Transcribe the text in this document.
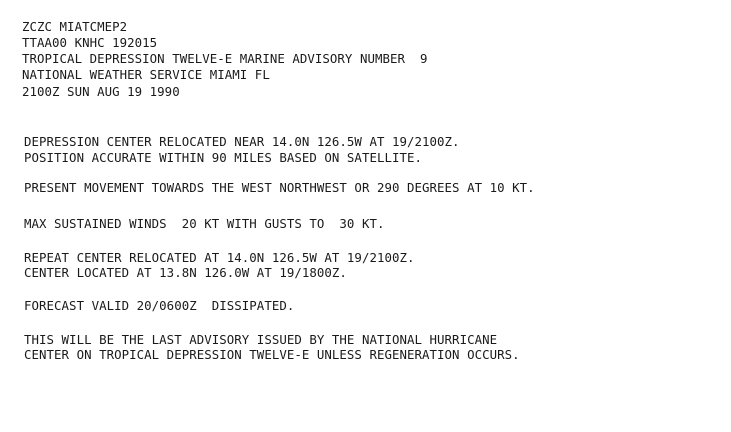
ZCZC MIATCMEP2
TTAA00 KNHC 192015
TROPICAL DEPRESSION TWELVE-E MARINE ADVISORY NUMBER  9
NATIONAL WEATHER SERVICE MIAMI FL
2100Z SUN AUG 19 1990
DEPRESSION CENTER RELOCATED NEAR 14.0N 126.5W AT 19/2100Z.
POSITION ACCURATE WITHIN 90 MILES BASED ON SATELLITE.
PRESENT MOVEMENT TOWARDS THE WEST NORTHWEST OR 290 DEGREES AT 10 KT.
MAX SUSTAINED WINDS  20 KT WITH GUSTS TO  30 KT.
REPEAT CENTER RELOCATED AT 14.0N 126.5W AT 19/2100Z.
CENTER LOCATED AT 13.8N 126.0W AT 19/1800Z.
FORECAST VALID 20/0600Z  DISSIPATED.
THIS WILL BE THE LAST ADVISORY ISSUED BY THE NATIONAL HURRICANE
CENTER ON TROPICAL DEPRESSION TWELVE-E UNLESS REGENERATION OCCURS.
